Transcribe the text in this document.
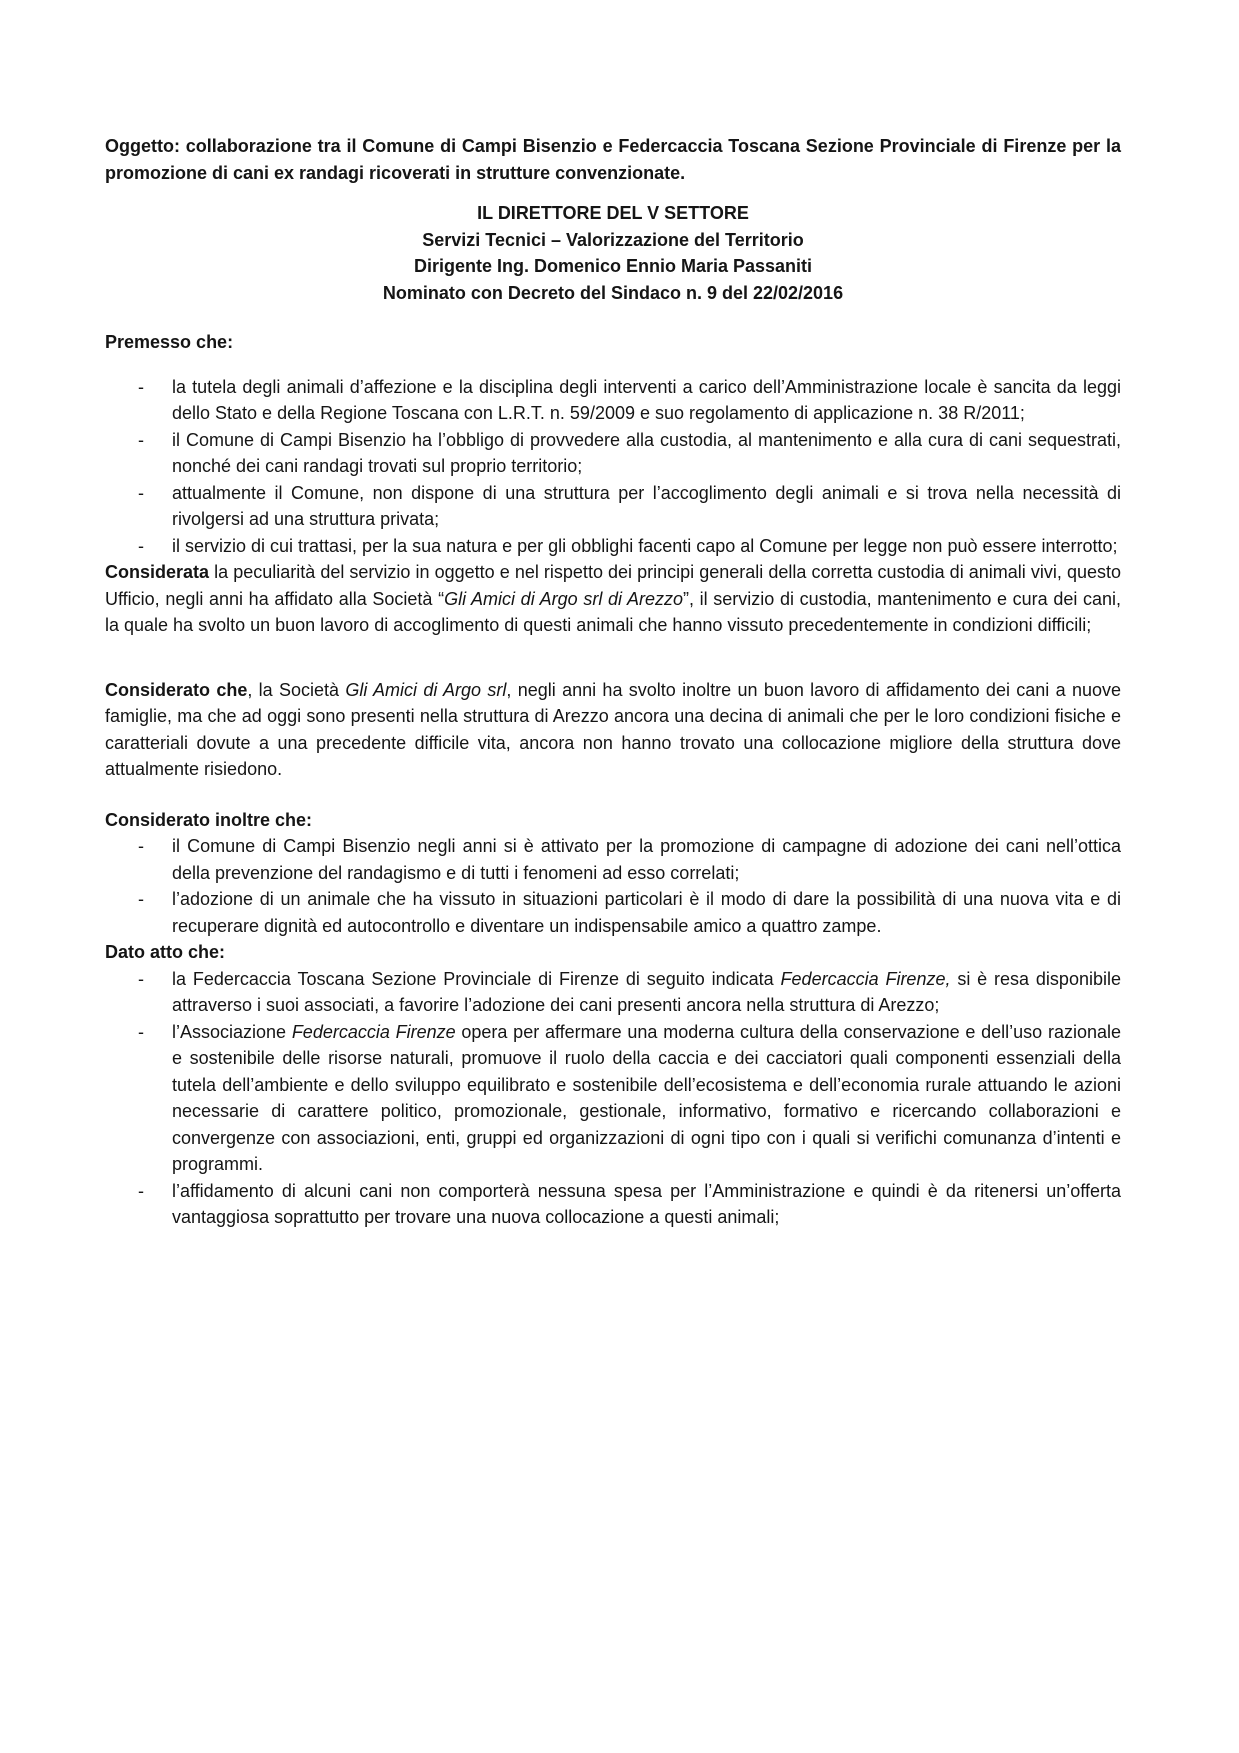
Oggetto: collaborazione tra il Comune di Campi Bisenzio e Federcaccia Toscana Sezione Provinciale di Firenze per la promozione di cani ex randagi ricoverati in strutture convenzionate.

IL DIRETTORE DEL V SETTORE
Servizi Tecnici – Valorizzazione del Territorio
Dirigente Ing. Domenico Ennio Maria Passaniti
Nominato con Decreto del Sindaco n. 9 del 22/02/2016

Premesso che:

- la tutela degli animali d’affezione e la disciplina degli interventi a carico dell’Amministrazione locale è sancita da leggi dello Stato e della Regione Toscana con L.R.T. n. 59/2009 e suo regolamento di applicazione n. 38 R/2011;
- il Comune di Campi Bisenzio ha l’obbligo di provvedere alla custodia, al mantenimento e alla cura di cani sequestrati, nonché dei cani randagi trovati sul proprio territorio;
- attualmente il Comune, non dispone di una struttura per l’accoglimento degli animali e si trova nella necessità di rivolgersi ad una struttura privata;
- il servizio di cui trattasi, per la sua natura e per gli obblighi facenti capo al Comune per legge non può essere interrotto;

Considerata la peculiarità del servizio in oggetto e nel rispetto dei principi generali della corretta custodia di animali vivi, questo Ufficio, negli anni ha affidato alla Società “Gli Amici di Argo srl di Arezzo”, il servizio di custodia, mantenimento e cura dei cani, la quale ha svolto un buon lavoro di accoglimento di questi animali che hanno vissuto precedentemente in condizioni difficili;

Considerato che, la Società Gli Amici di Argo srl, negli anni ha svolto inoltre un buon lavoro di affidamento dei cani a nuove famiglie, ma che ad oggi sono presenti nella struttura di Arezzo ancora una decina di animali che per le loro condizioni fisiche e caratteriali dovute a una precedente difficile vita, ancora non hanno trovato una collocazione migliore della struttura dove attualmente risiedono.

Considerato inoltre che:

- il Comune di Campi Bisenzio negli anni si è attivato per la promozione di campagne di adozione dei cani nell’ottica della prevenzione del randagismo e di tutti i fenomeni ad esso correlati;
- l’adozione di un animale che ha vissuto in situazioni particolari è il modo di dare la possibilità di una nuova vita e di recuperare dignità ed autocontrollo e diventare un indispensabile amico a quattro zampe.

Dato atto che:

- la Federcaccia Toscana Sezione Provinciale di Firenze di seguito indicata Federcaccia Firenze, si è resa disponibile attraverso i suoi associati, a favorire l’adozione dei cani presenti ancora nella struttura di Arezzo;
- l’Associazione Federcaccia Firenze opera per affermare una moderna cultura della conservazione e dell’uso razionale e sostenibile delle risorse naturali, promuove il ruolo della caccia e dei cacciatori quali componenti essenziali della tutela dell’ambiente e dello sviluppo equilibrato e sostenibile dell’ecosistema e dell’economia rurale attuando le azioni necessarie di carattere politico, promozionale, gestionale, informativo, formativo e ricercando collaborazioni e convergenze con associazioni, enti, gruppi ed organizzazioni di ogni tipo con i quali si verifichi comunanza d’intenti e programmi.
- l’affidamento di alcuni cani non comporterà nessuna spesa per l’Amministrazione e quindi è da ritenersi un’offerta vantaggiosa soprattutto per trovare una nuova collocazione a questi animali;
